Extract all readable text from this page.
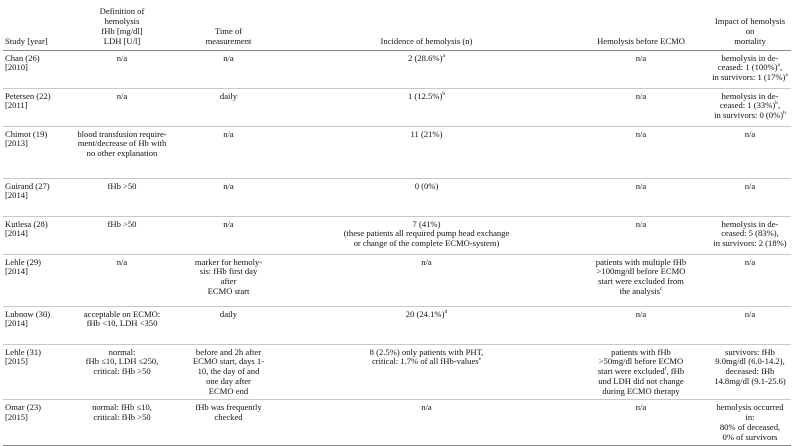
Study [year]	Definition of
hemolysis
fHb [mg/dl]
LDH [U/l]	Time of
measurement	Incidence of hemolysis (n)	Hemolysis before ECMO	Impact of hemolysis
on
mortality
Chan (26)
[2010]	n/a	n/a	2 $(28.6\%)^a$	n/a	hemolysis in de-
ceased: 1 $(100\%)^a$,
in survivors: 1 $(17\%)^a$
Petersen (22)
[2011]	n/a	daily	1 $(12.5\%)^b$	n/a	hemolysis in de-
ceased: 1 $(33\%)^b$,
in survivors: 0 $(0\%)^b$
Chimot (19)
[2013]	blood transfusion require-
ment/decrease of Hb with
no other explanation	n/a	11 (21%)	n/a	n/a
Guirand (27)
[2014]	fHb >50	n/a	0 (0%)	n/a	n/a
Kutlesa (28)
[2014]	fHb >50	n/a	7 (41%)
(these patients all required pump head exchange
or change of the complete ECMO-system)	n/a	hemolysis in de-
ceased: 5 (83%),
in survivors: 2 (18%)
Lehle (29)
[2014]	n/a	marker for hemoly-
sis: fHb first day
after
ECMO start	n/a	patients with multiple fHb
>100mg/dl before ECMO
start were excluded from
the analysis$^c$	n/a
Lubnow (30)
[2014]	acceptable on ECMO:
fHb <10, LDH <350	daily	20 $(24.1\%)^d$	n/a	n/a
Lehle (31)
[2015]	normal:
fHb ≤10, LDH ≤250,
critical: fHb >50	before and 2h after
ECMO start, days 1-
10, the day of and
one day after
ECMO end	8 (2.5%) only patients with PHT,
critical: 1.7% of all fHb-values$^e$	patients with fHb
>50mg/dl before ECMO
start were excluded$^f$, fHb
und LDH did not change
during ECMO therapy	survivors: fHb
9.0mg/dl (6.0-14.2),
deceased: fHb
14.8mg/dl (9.1-25.6)
Omar (23)
[2015]	normal: fHb ≤10,
critical: fHb >50	fHb was frequently
checked	n/a	n/a	hemolysis occurred in:
80% of deceased,
0% of survivors
